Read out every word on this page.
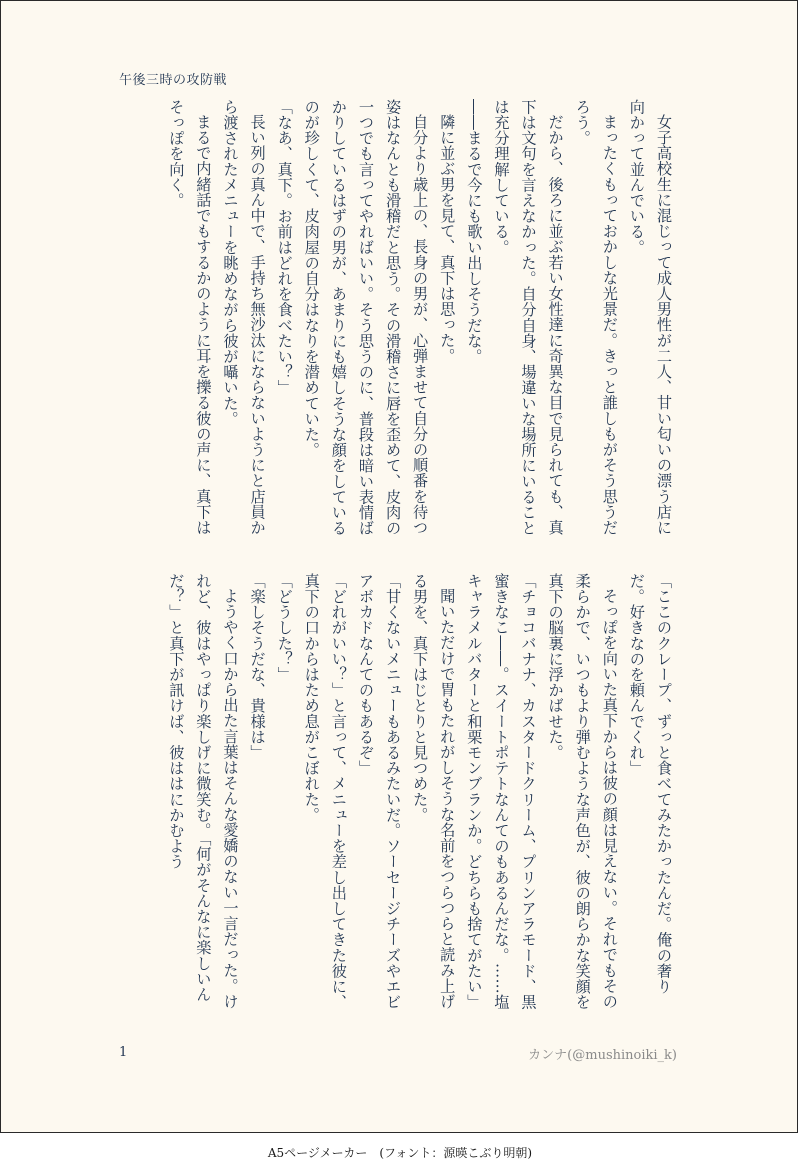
午後三時の攻防戦

女子高校生に混じって成人男性が二人、甘い匂いの漂う店に向かって並んでいる。

まったくもっておかしな光景だ。きっと誰しもがそう思うだろう。

だから、後ろに並ぶ若い女性達に奇異な目で見られても、真下は文句を言えなかった。自分自身、場違いな場所にいることは充分理解している。

――まるで今にも歌い出しそうだな。

隣に並ぶ男を見て、真下は思った。

自分より歳上の、長身の男が、心弾ませて自分の順番を待つ姿はなんとも滑稽だと思う。その滑稽さに唇を歪めて、皮肉の一つでも言ってやればいい。そう思うのに、普段は暗い表情ばかりしているはずの男が、あまりにも嬉しそうな顔をしているのが珍しくて、皮肉屋の自分はなりを潜めていた。

「なあ、真下。お前はどれを食べたい？」

長い列の真ん中で、手持ち無沙汰にならないようにと店員から渡されたメニューを眺めながら彼が囁いた。

まるで内緒話でもするかのように耳を擽る彼の声に、真下はそっぽを向く。

「ここのクレープ、ずっと食べてみたかったんだ。俺の奢りだ。好きなのを頼んでくれ」

そっぽを向いた真下からは彼の顔は見えない。それでもその柔らかで、いつもより弾むような声色が、彼の朗らかな笑顔を真下の脳裏に浮かばせた。

「チョコバナナ、カスタードクリーム、プリンアラモード、黒蜜きなこ――。スイートポテトなんてのもあるんだな。……塩キャラメルバターと和栗モンブランか。どちらも捨てがたい」

聞いただけで胃もたれがしそうな名前をつらつらと読み上げる男を、真下はじとりと見つめた。

「甘くないメニューもあるみたいだ。ソーセージチーズやエビアボカドなんてのもあるぞ」

「どれがいい？」と言って、メニューを差し出してきた彼に、真下の口からはため息がこぼれた。

「どうした？」

「楽しそうだな、貴様は」

ようやく口から出た言葉はそんな愛嬌のない一言だった。けれど、彼はやっぱり楽しげに微笑む。「何がそんなに楽しいんだ？」と真下が訊けば、彼ははにかむよう

1	カンナ(@mushinoiki_k)
A5ページメーカー　(フォント：源暎こぶり明朝)
